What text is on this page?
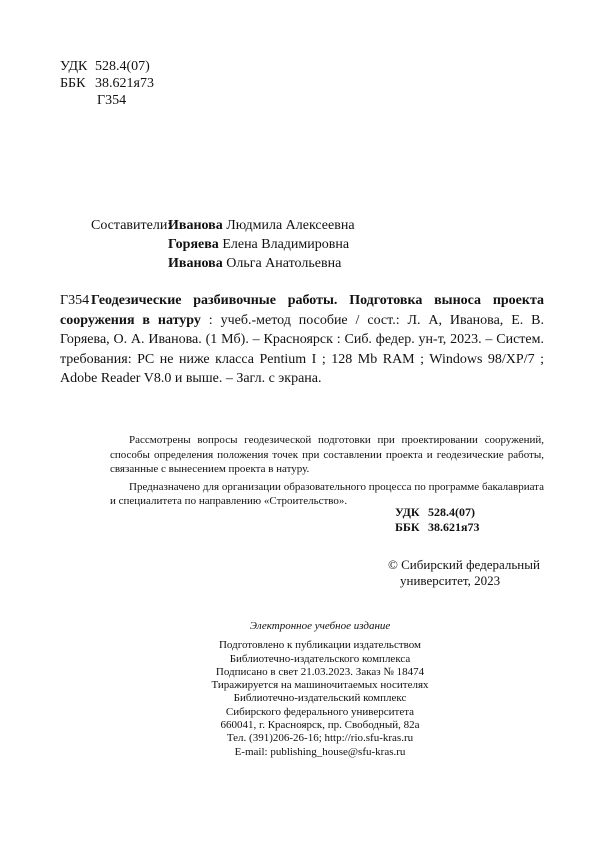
УДК 528.4(07)
ББК 38.621я73
Г354
Составители:
Иванова Людмила Алексеевна
Горяева Елена Владимировна
Иванова Ольга Анатольевна
Г354 Геодезические разбивочные работы. Подготовка выноса проекта сооружения в натуру : учеб.-метод пособие / сост.: Л. А, Иванова, Е. В. Горяева, О. А. Иванова. (1 Мб). – Красноярск : Сиб. федер. ун-т, 2023. – Систем. требования: PC не ниже класса Pentium I ; 128 Mb RAM ; Windows 98/XP/7 ; Adobe Reader V8.0 и выше. – Загл. с экрана.

Рассмотрены вопросы геодезической подготовки при проектировании сооружений, способы определения положения точек при составлении проекта и геодезические работы, связанные с вынесением проекта в натуру.

Предназначено для организации образовательного процесса по программе бакалавриата и специалитета по направлению «Строительство».

УДК 528.4(07)
ББК 38.621я73
© Сибирский федеральный
университет, 2023
Электронное учебное издание
Подготовлено к публикации издательством
Библиотечно-издательского комплекса
Подписано в свет 21.03.2023. Заказ № 18474
Тиражируется на машиночитаемых носителях
Библиотечно-издательский комплекс
Сибирского федерального университета
660041, г. Красноярск, пр. Свободный, 82а
Тел. (391)206-26-16; http://rio.sfu-kras.ru
E-mail: publishing_house@sfu-kras.ru
